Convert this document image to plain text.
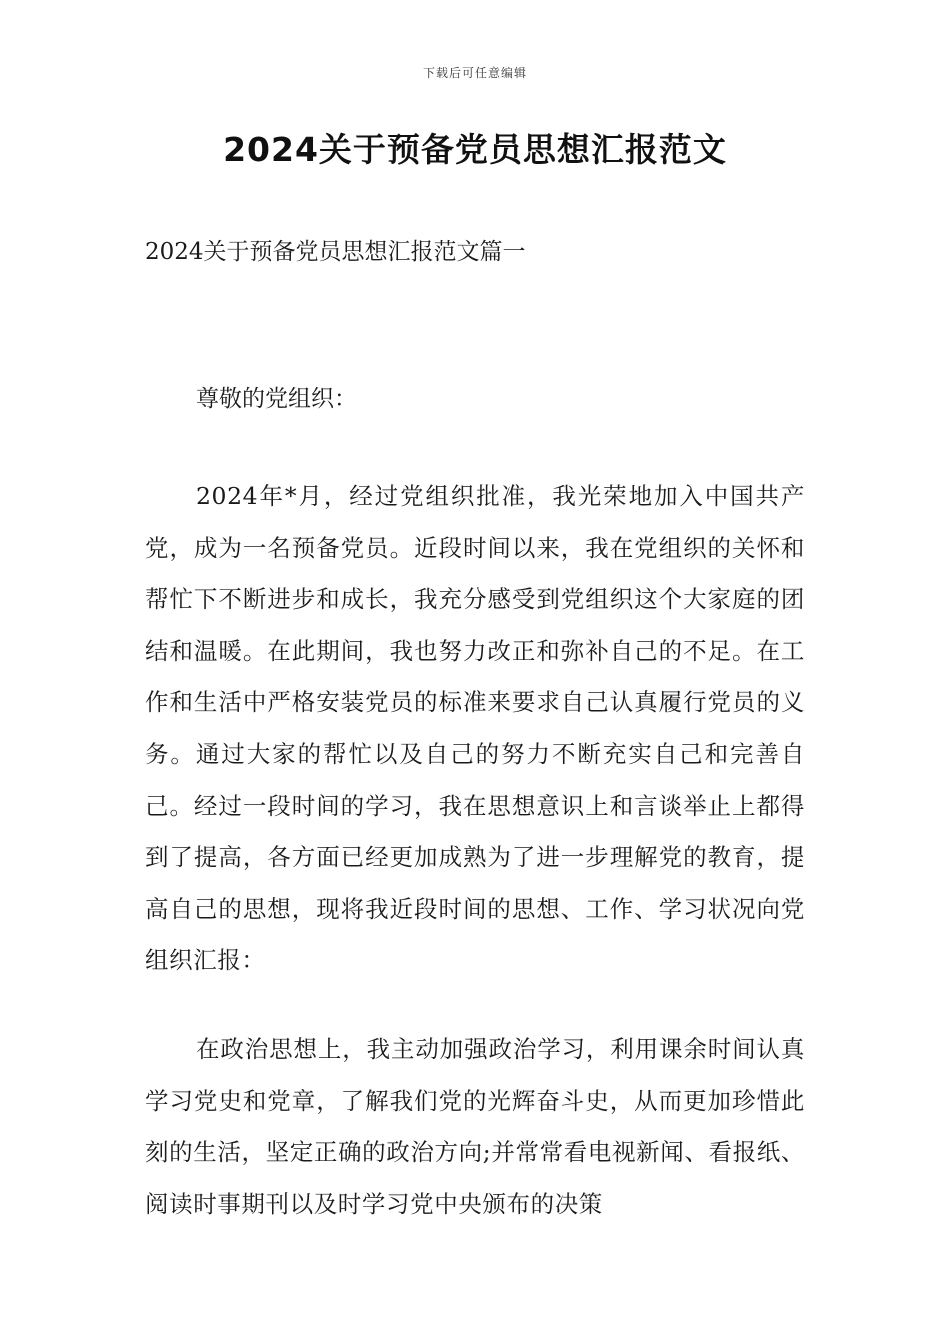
下载后可任意编辑
2024关于预备党员思想汇报范文
2024关于预备党员思想汇报范文篇一
尊敬的党组织：

2024年*月，经过党组织批准，我光荣地加入中国共产党，成为一名预备党员。近段时间以来，我在党组织的关怀和帮忙下不断进步和成长，我充分感受到党组织这个大家庭的团结和温暖。在此期间，我也努力改正和弥补自己的不足。在工作和生活中严格安装党员的标准来要求自己认真履行党员的义务。通过大家的帮忙以及自己的努力不断充实自己和完善自己。经过一段时间的学习，我在思想意识上和言谈举止上都得到了提高，各方面已经更加成熟为了进一步理解党的教育，提高自己的思想，现将我近段时间的思想、工作、学习状况向党组织汇报：

在政治思想上，我主动加强政治学习，利用课余时间认真学习党史和党章，了解我们党的光辉奋斗史，从而更加珍惜此刻的生活，坚定正确的政治方向;并常常看电视新闻、看报纸、阅读时事期刊以及时学习党中央颁布的决策
